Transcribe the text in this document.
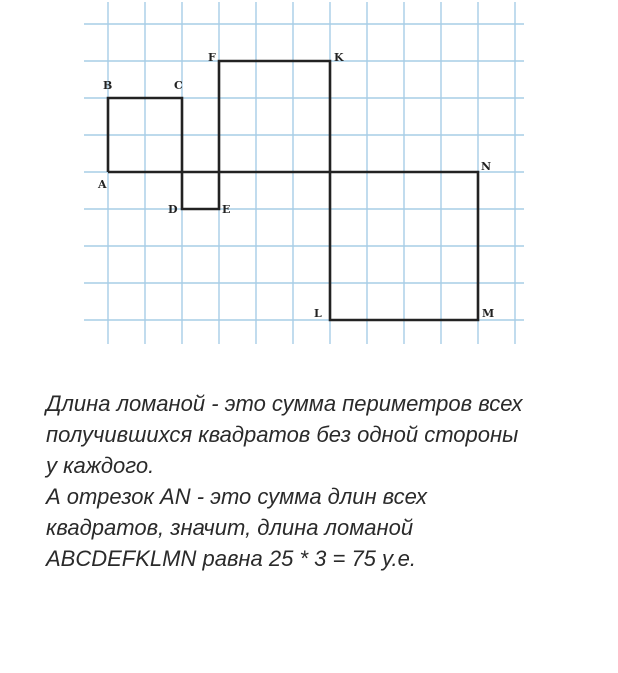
A
B	C
D	E
F	K
L	M
N
Длина ломаной - это сумма периметров всех
получившихся квадратов без одной стороны
у каждого.
А отрезок AN - это сумма длин всех
квадратов, значит, длина ломаной
ABCDEFKLMN равна 25 * 3 = 75 у.е.
